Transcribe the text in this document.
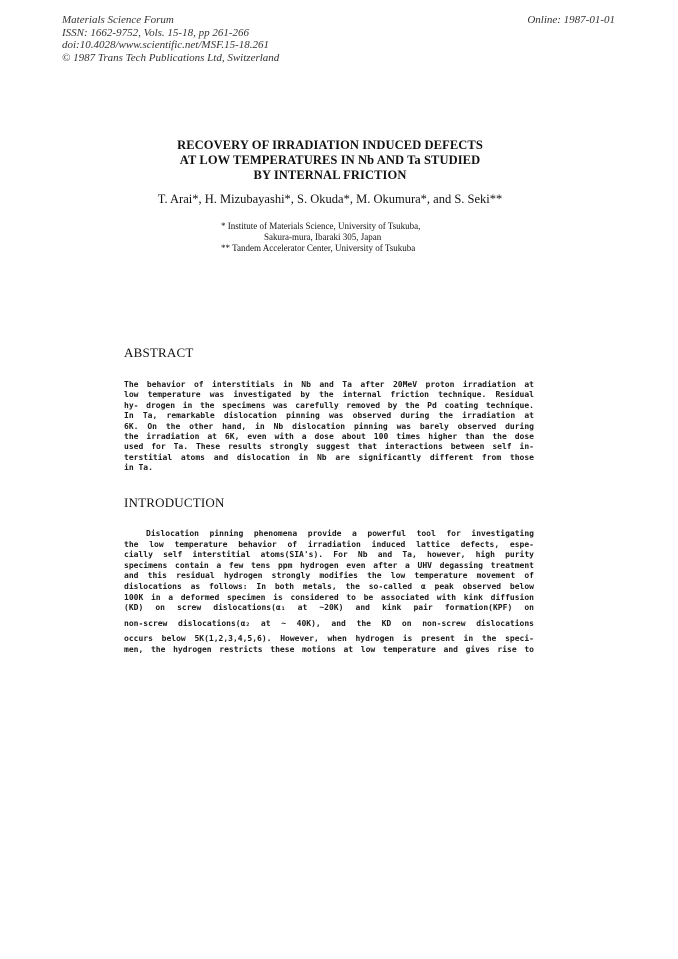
Materials Science Forum
ISSN: 1662-9752, Vols. 15-18, pp 261-266
doi:10.4028/www.scientific.net/MSF.15-18.261
© 1987 Trans Tech Publications Ltd, Switzerland
Online: 1987-01-01
RECOVERY OF IRRADIATION INDUCED DEFECTS
AT LOW TEMPERATURES IN Nb AND Ta STUDIED
BY INTERNAL FRICTION
T. Arai*, H. Mizubayashi*, S. Okuda*, M. Okumura*, and S. Seki**
* Institute of Materials Science, University of Tsukuba,
Sakura-mura, Ibaraki 305, Japan
** Tandem Accelerator Center, University of Tsukuba
ABSTRACT
The behavior of interstitials in Nb and Ta after 20MeV proton irradiation at
low temperature was investigated by the internal friction technique. Residual
hy- drogen in the specimens was carefully removed by the Pd coating technique.
In Ta, remarkable dislocation pinning was observed during the irradiation at
6K. On the other hand, in Nb dislocation pinning was barely observed during
the irradiation at 6K, even with a dose about 100 times higher than the dose
used for Ta. These results strongly suggest that interactions between self in-
terstitial atoms and dislocation in Nb are significantly different from those
in Ta.
INTRODUCTION
Dislocation pinning phenomena provide a powerful tool for investigating
the low temperature behavior of irradiation induced lattice defects, espe-
cially self interstitial atoms(SIA's). For Nb and Ta, however, high purity
specimens contain a few tens ppm hydrogen even after a UHV degassing treatment
and this residual hydrogen strongly modifies the low temperature movement of
dislocations as follows: In both metals, the so-called α peak observed below
100K in a deformed specimen is considered to be associated with kink diffusion
(KD) on screw dislocations(α₁ at ~20K) and kink pair formation(KPF) on
non-screw dislocations(α₂ at ~ 40K), and the KD on non-screw dislocations
occurs below 5K(1,2,3,4,5,6). However, when hydrogen is present in the speci-
men, the hydrogen restricts these motions at low temperature and gives rise to
